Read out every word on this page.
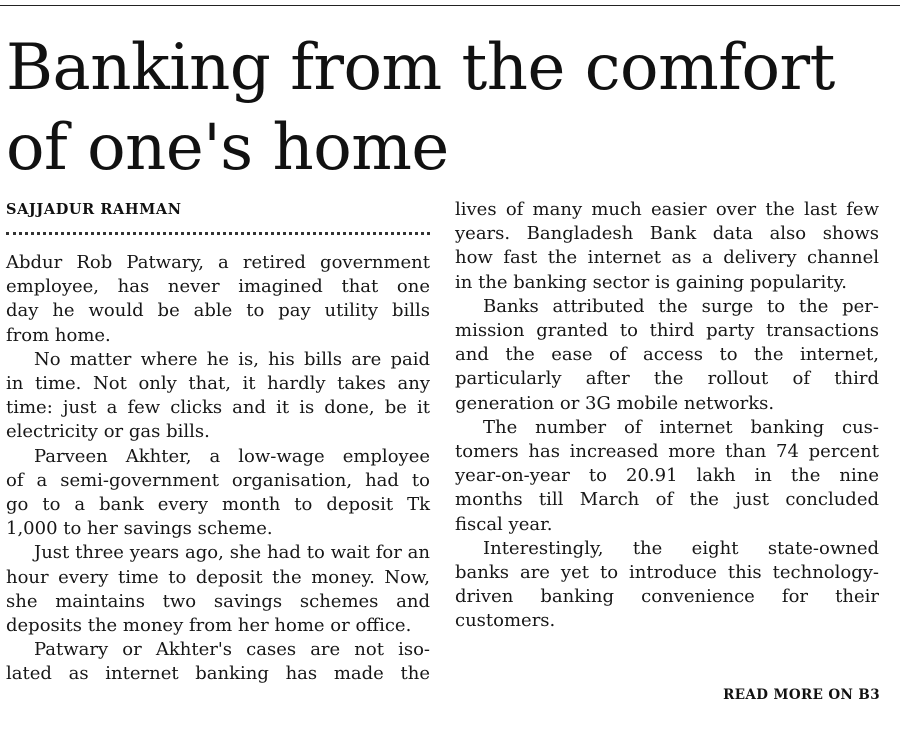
Banking from the comfort
of one's home
SAJJADUR RAHMAN
Abdur Rob Patwary, a retired government
employee, has never imagined that one
day he would be able to pay utility bills
from home.
No matter where he is, his bills are paid
in time. Not only that, it hardly takes any
time: just a few clicks and it is done, be it
electricity or gas bills.
Parveen Akhter, a low-wage employee
of a semi-government organisation, had to
go to a bank every month to deposit Tk
1,000 to her savings scheme.
Just three years ago, she had to wait for an
hour every time to deposit the money. Now,
she maintains two savings schemes and
deposits the money from her home or office.
Patwary or Akhter's cases are not iso-
lated as internet banking has made the
lives of many much easier over the last few
years. Bangladesh Bank data also shows
how fast the internet as a delivery channel
in the banking sector is gaining popularity.
Banks attributed the surge to the per-
mission granted to third party transactions
and the ease of access to the internet,
particularly after the rollout of third
generation or 3G mobile networks.
The number of internet banking cus-
tomers has increased more than 74 percent
year-on-year to 20.91 lakh in the nine
months till March of the just concluded
fiscal year.
Interestingly, the eight state-owned
banks are yet to introduce this technology-
driven banking convenience for their
customers.
READ MORE ON B3
